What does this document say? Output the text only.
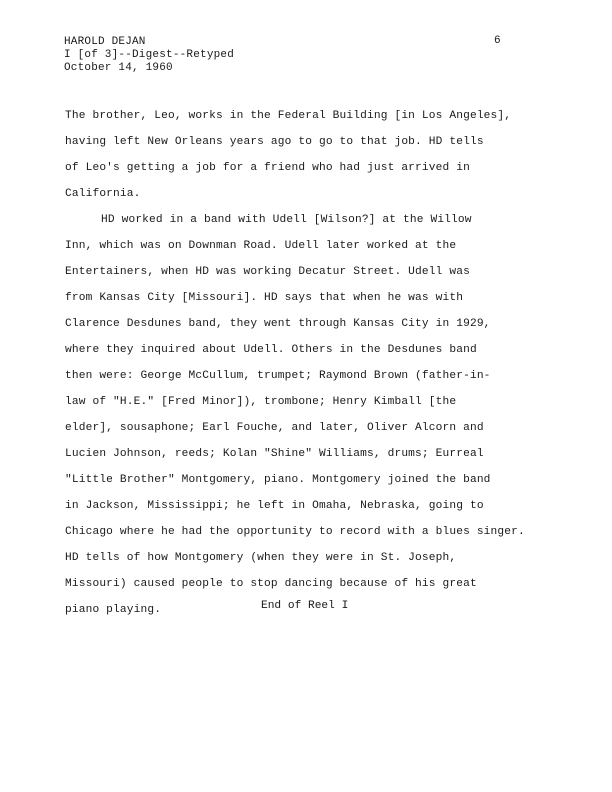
HAROLD DEJAN
I [of 3]--Digest--Retyped
October 14, 1960
6
The brother, Leo, works in the Federal Building [in Los Angeles],
having left New Orleans years ago to go to that job. HD tells
of Leo's getting a job for a friend who had just arrived in
California.
HD worked in a band with Udell [Wilson?] at the Willow
Inn, which was on Downman Road. Udell later worked at the
Entertainers, when HD was working Decatur Street. Udell was
from Kansas City [Missouri]. HD says that when he was with
Clarence Desdunes band, they went through Kansas City in 1929,
where they inquired about Udell. Others in the Desdunes band
then were: George McCullum, trumpet; Raymond Brown (father-in-
law of "H.E." [Fred Minor]), trombone; Henry Kimball [the
elder], sousaphone; Earl Fouche, and later, Oliver Alcorn and
Lucien Johnson, reeds; Kolan "Shine" Williams, drums; Eurreal
"Little Brother" Montgomery, piano. Montgomery joined the band
in Jackson, Mississippi; he left in Omaha, Nebraska, going to
Chicago where he had the opportunity to record with a blues singer.
HD tells of how Montgomery (when they were in St. Joseph,
Missouri) caused people to stop dancing because of his great
piano playing.	End of Reel I
